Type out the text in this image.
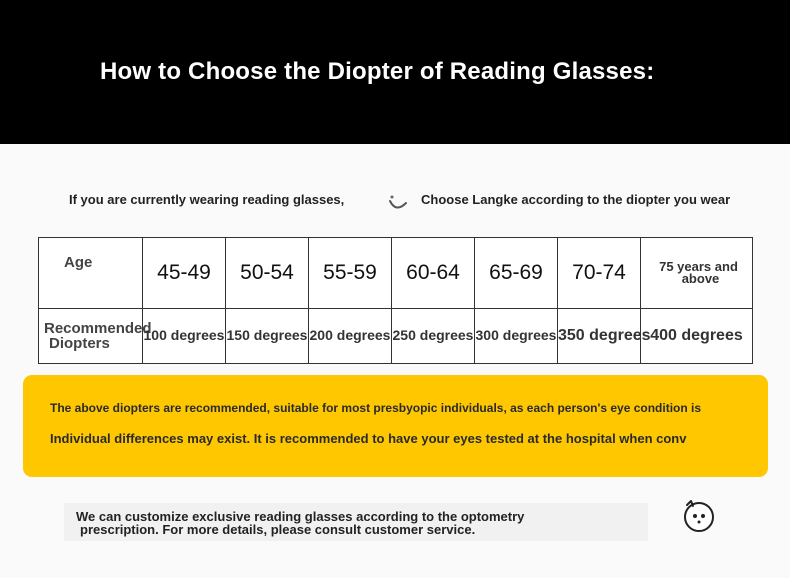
How to Choose the Diopter of Reading Glasses:
If you are currently wearing reading glasses,	Choose Langke according to the diopter you wear
Age	45-49	50-54	55-59	60-64	65-69	70-74	75 years and
above

Recommended
Diopters	100 degrees	150 degrees	200 degrees	250 degrees	300 degrees	350 degrees	400 degrees
The above diopters are recommended, suitable for most presbyopic individuals, as each person's eye condition is
Individual differences may exist. It is recommended to have your eyes tested at the hospital when conv
We can customize exclusive reading glasses according to the optometry
prescription. For more details, please consult customer service.
